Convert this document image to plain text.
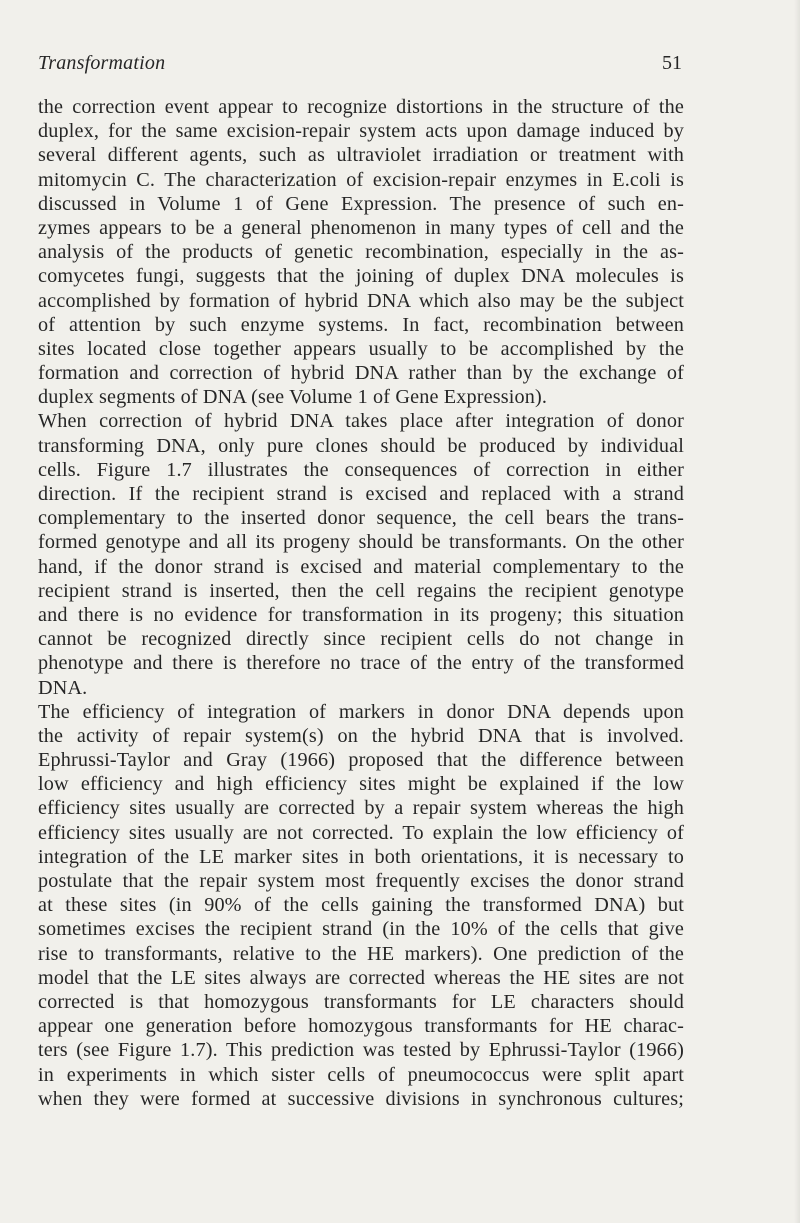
Transformation	51
the correction event appear to recognize distortions in the structure of the
duplex, for the same excision-repair system acts upon damage induced by
several different agents, such as ultraviolet irradiation or treatment with
mitomycin C. The characterization of excision-repair enzymes in E.coli is
discussed in Volume 1 of Gene Expression. The presence of such en-
zymes appears to be a general phenomenon in many types of cell and the
analysis of the products of genetic recombination, especially in the as-
comycetes fungi, suggests that the joining of duplex DNA molecules is
accomplished by formation of hybrid DNA which also may be the subject
of attention by such enzyme systems. In fact, recombination between
sites located close together appears usually to be accomplished by the
formation and correction of hybrid DNA rather than by the exchange of
duplex segments of DNA (see Volume 1 of Gene Expression).
When correction of hybrid DNA takes place after integration of donor
transforming DNA, only pure clones should be produced by individual
cells. Figure 1.7 illustrates the consequences of correction in either
direction. If the recipient strand is excised and replaced with a strand
complementary to the inserted donor sequence, the cell bears the trans-
formed genotype and all its progeny should be transformants. On the other
hand, if the donor strand is excised and material complementary to the
recipient strand is inserted, then the cell regains the recipient genotype
and there is no evidence for transformation in its progeny; this situation
cannot be recognized directly since recipient cells do not change in
phenotype and there is therefore no trace of the entry of the transformed
DNA.
The efficiency of integration of markers in donor DNA depends upon
the activity of repair system(s) on the hybrid DNA that is involved.
Ephrussi-Taylor and Gray (1966) proposed that the difference between
low efficiency and high efficiency sites might be explained if the low
efficiency sites usually are corrected by a repair system whereas the high
efficiency sites usually are not corrected. To explain the low efficiency of
integration of the LE marker sites in both orientations, it is necessary to
postulate that the repair system most frequently excises the donor strand
at these sites (in 90% of the cells gaining the transformed DNA) but
sometimes excises the recipient strand (in the 10% of the cells that give
rise to transformants, relative to the HE markers). One prediction of the
model that the LE sites always are corrected whereas the HE sites are not
corrected is that homozygous transformants for LE characters should
appear one generation before homozygous transformants for HE charac-
ters (see Figure 1.7). This prediction was tested by Ephrussi-Taylor (1966)
in experiments in which sister cells of pneumococcus were split apart
when they were formed at successive divisions in synchronous cultures;
